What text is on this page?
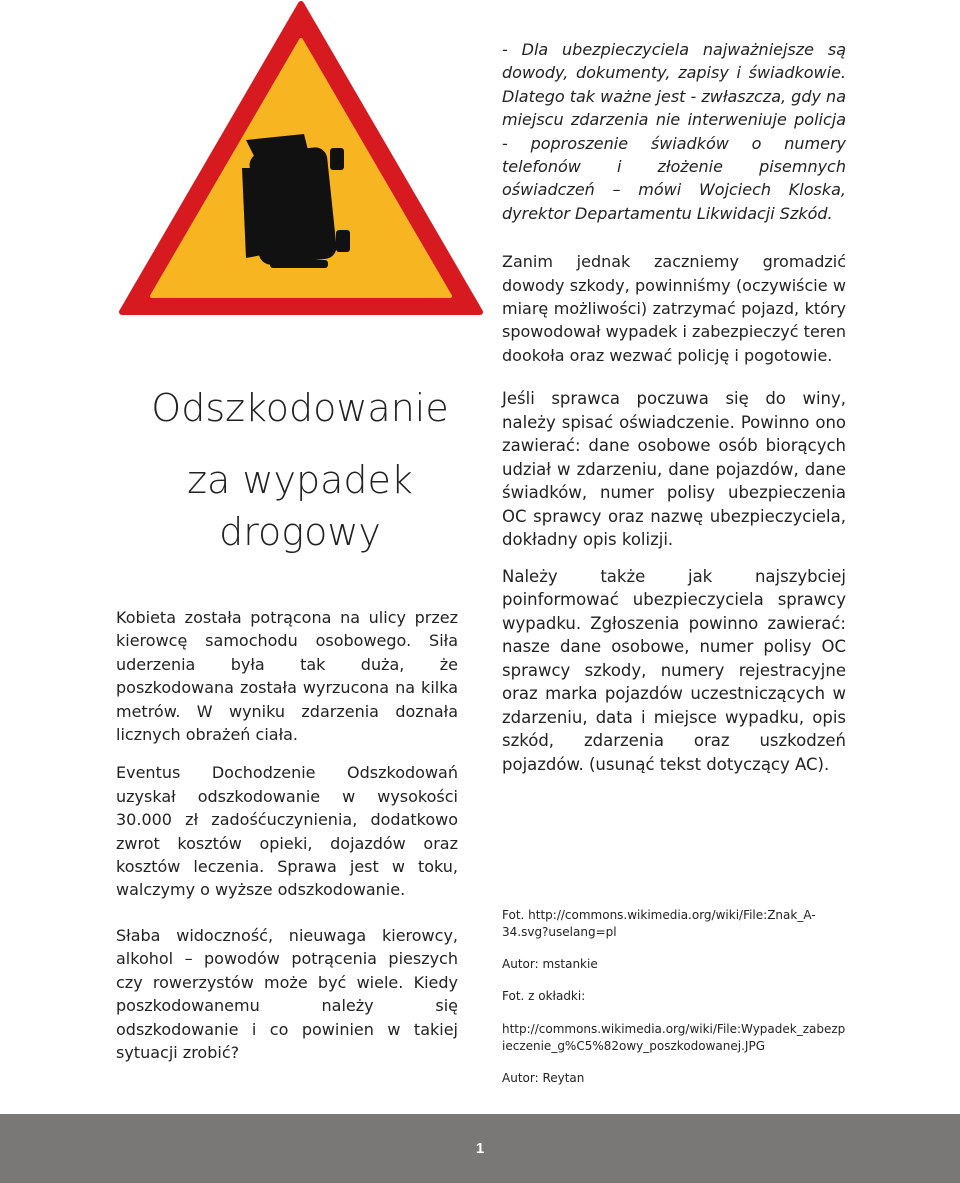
Odszkodowanie
za wypadek
drogowy

Kobieta została potrącona na ulicy przez kierowcę samochodu osobowego. Siła uderzenia była tak duża, że poszkodowana została wyrzucona na kilka metrów. W wyniku zdarzenia doznała licznych obrażeń ciała.

Eventus Dochodzenie Odszkodowań uzyskał odszkodowanie w wysokości 30.000 zł zadośćuczynienia, dodatkowo zwrot kosztów opieki, dojazdów oraz kosztów leczenia. Sprawa jest w toku, walczymy o wyższe odszkodowanie.

Słaba widoczność, nieuwaga kierowcy, alkohol – powodów potrącenia pieszych czy rowerzystów może być wiele. Kiedy poszkodowanemu należy się odszkodowanie i co powinien w takiej sytuacji zrobić?

- Dla ubezpieczyciela najważniejsze są dowody, dokumenty, zapisy i świadkowie. Dlatego tak ważne jest - zwłaszcza, gdy na miejscu zdarzenia nie interweniuje policja - poproszenie świadków o numery telefonów i złożenie pisemnych oświadczeń – mówi Wojciech Kloska, dyrektor Departamentu Likwidacji Szkód.

Zanim jednak zaczniemy gromadzić dowody szkody, powinniśmy (oczywiście w miarę możliwości) zatrzymać pojazd, który spowodował wypadek i zabezpieczyć teren dookoła oraz wezwać policję i pogotowie.

Jeśli sprawca poczuwa się do winy, należy spisać oświadczenie. Powinno ono zawierać: dane osobowe osób biorących udział w zdarzeniu, dane pojazdów, dane świadków, numer polisy ubezpieczenia OC sprawcy oraz nazwę ubezpieczyciela, dokładny opis kolizji.

Należy także jak najszybciej poinformować ubezpieczyciela sprawcy wypadku. Zgłoszenia powinno zawierać: nasze dane osobowe, numer polisy OC sprawcy szkody, numery rejestracyjne oraz marka pojazdów uczestniczących w zdarzeniu, data i miejsce wypadku, opis szkód, zdarzenia oraz uszkodzeń pojazdów. (usunąć tekst dotyczący AC).

Fot. http://commons.wikimedia.org/wiki/File:Znak_A-34.svg?uselang=pl

Autor: mstankie

Fot. z okładki:

http://commons.wikimedia.org/wiki/File:Wypadek_zabezpieczenie_g%C5%82owy_poszkodowanej.JPG

Autor: Reytan

1
